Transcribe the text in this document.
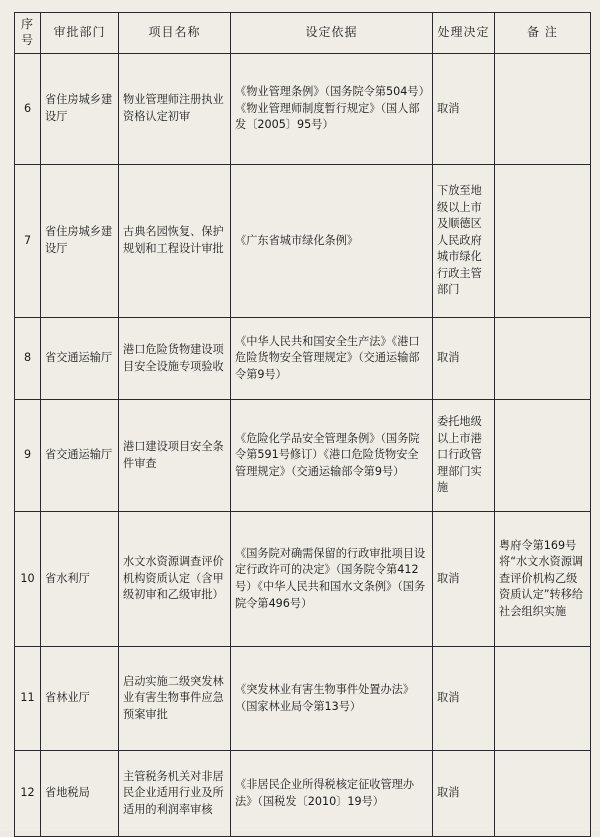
序
号	审批部门	项目名称	设定依据	处理决定	备 注
6	省住房城乡建设厅	物业管理师注册执业资格认定初审	《物业管理条例》（国务院令第504号）《物业管理师制度暂行规定》（国人部发〔2005〕95号）	取消	
7	省住房城乡建设厅	古典名园恢复、保护规划和工程设计审批	《广东省城市绿化条例》	下放至地级以上市及顺德区人民政府城市绿化行政主管部门	
8	省交通运输厅	港口危险货物建设项目安全设施专项验收	《中华人民共和国安全生产法》《港口危险货物安全管理规定》（交通运输部令第9号）	取消	
9	省交通运输厅	港口建设项目安全条件审查	《危险化学品安全管理条例》（国务院令第591号修订）《港口危险货物安全管理规定》（交通运输部令第9号）	委托地级以上市港口行政管理部门实施	
10	省水利厅	水文水资源调查评价机构资质认定（含甲级初审和乙级审批）	《国务院对确需保留的行政审批项目设定行政许可的决定》（国务院令第412号）《中华人民共和国水文条例》（国务院令第496号）	取消	粤府令第169号将“水文水资源调查评价机构乙级资质认定”转移给社会组织实施
11	省林业厅	启动实施二级突发林业有害生物事件应急预案审批	《突发林业有害生物事件处置办法》（国家林业局令第13号）	取消	
12	省地税局	主管税务机关对非居民企业适用行业及所适用的利润率审核	《非居民企业所得税核定征收管理办法》（国税发〔2010〕19号）	取消	
